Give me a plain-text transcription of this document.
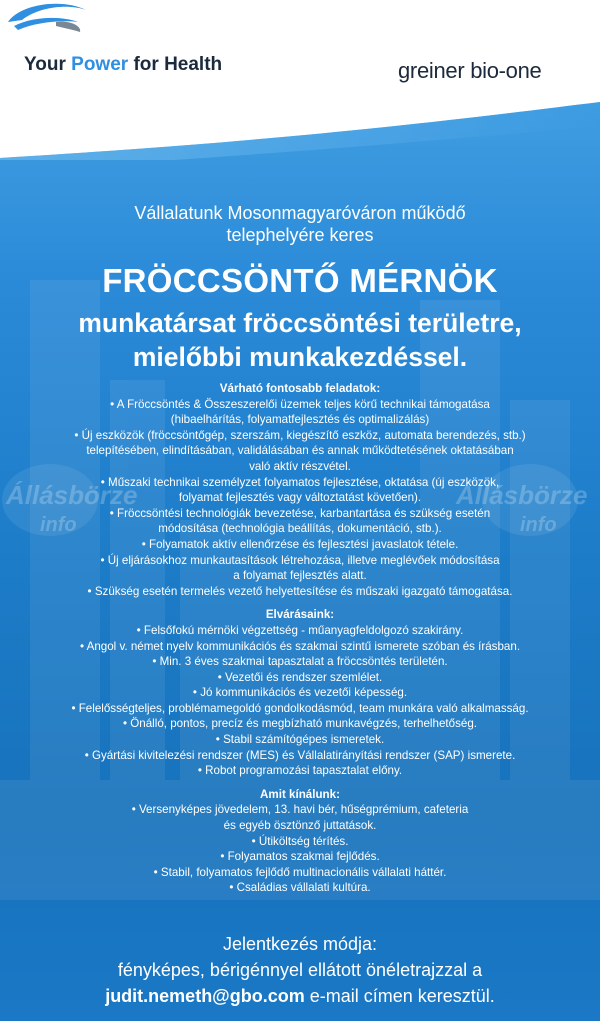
Your Power for Health	greiner bio-one
Állásbörze	Állásbörze
info	info
Vállalatunk Mosonmagyaróváron működő
telephelyére keres
FRÖCCSÖNTŐ MÉRNÖK
munkatársat fröccsöntési területre,
mielőbbi munkakezdéssel.
Várható fontosabb feladatok:
• A Fröccsöntés & Összeszerelői üzemek teljes körű technikai támogatása
(hibaelhárítás, folyamatfejlesztés és optimalizálás)
• Új eszközök (fröccsöntőgép, szerszám, kiegészítő eszköz, automata berendezés, stb.)
telepítésében, elindításában, validálásában és annak működtetésének oktatásában
való aktív részvétel.
• Műszaki technikai személyzet folyamatos fejlesztése, oktatása (új eszközök,
folyamat fejlesztés vagy változtatást követően).
• Fröccsöntési technológiák bevezetése, karbantartása és szükség esetén
módosítása (technológia beállítás, dokumentáció, stb.).
• Folyamatok aktív ellenőrzése és fejlesztési javaslatok tétele.
• Új eljárásokhoz munkautasítások létrehozása, illetve meglévőek módosítása
a folyamat fejlesztés alatt.
• Szükség esetén termelés vezető helyettesítése és műszaki igazgató támogatása.
Elvárásaink:
• Felsőfokú mérnöki végzettség - műanyagfeldolgozó szakirány.
• Angol v. német nyelv kommunikációs és szakmai szintű ismerete szóban és írásban.
• Min. 3 éves szakmai tapasztalat a fröccsöntés területén.
• Vezetői és rendszer szemlélet.
• Jó kommunikációs és vezetői képesség.
• Felelősségteljes, problémamegoldó gondolkodásmód, team munkára való alkalmasság.
• Önálló, pontos, precíz és megbízható munkavégzés, terhelhetőség.
• Stabil számítógépes ismeretek.
• Gyártási kivitelezési rendszer (MES) és Vállalatirányítási rendszer (SAP) ismerete.
• Robot programozási tapasztalat előny.
Amit kínálunk:
• Versenyképes jövedelem, 13. havi bér, hűségprémium, cafeteria
és egyéb ösztönző juttatások.
• Útiköltség térítés.
• Folyamatos szakmai fejlődés.
• Stabil, folyamatos fejlődő multinacionális vállalati háttér.
• Családias vállalati kultúra.
Jelentkezés módja:
fényképes, bérigénnyel ellátott önéletrajzzal a
judit.nemeth@gbo.com e-mail címen keresztül.
